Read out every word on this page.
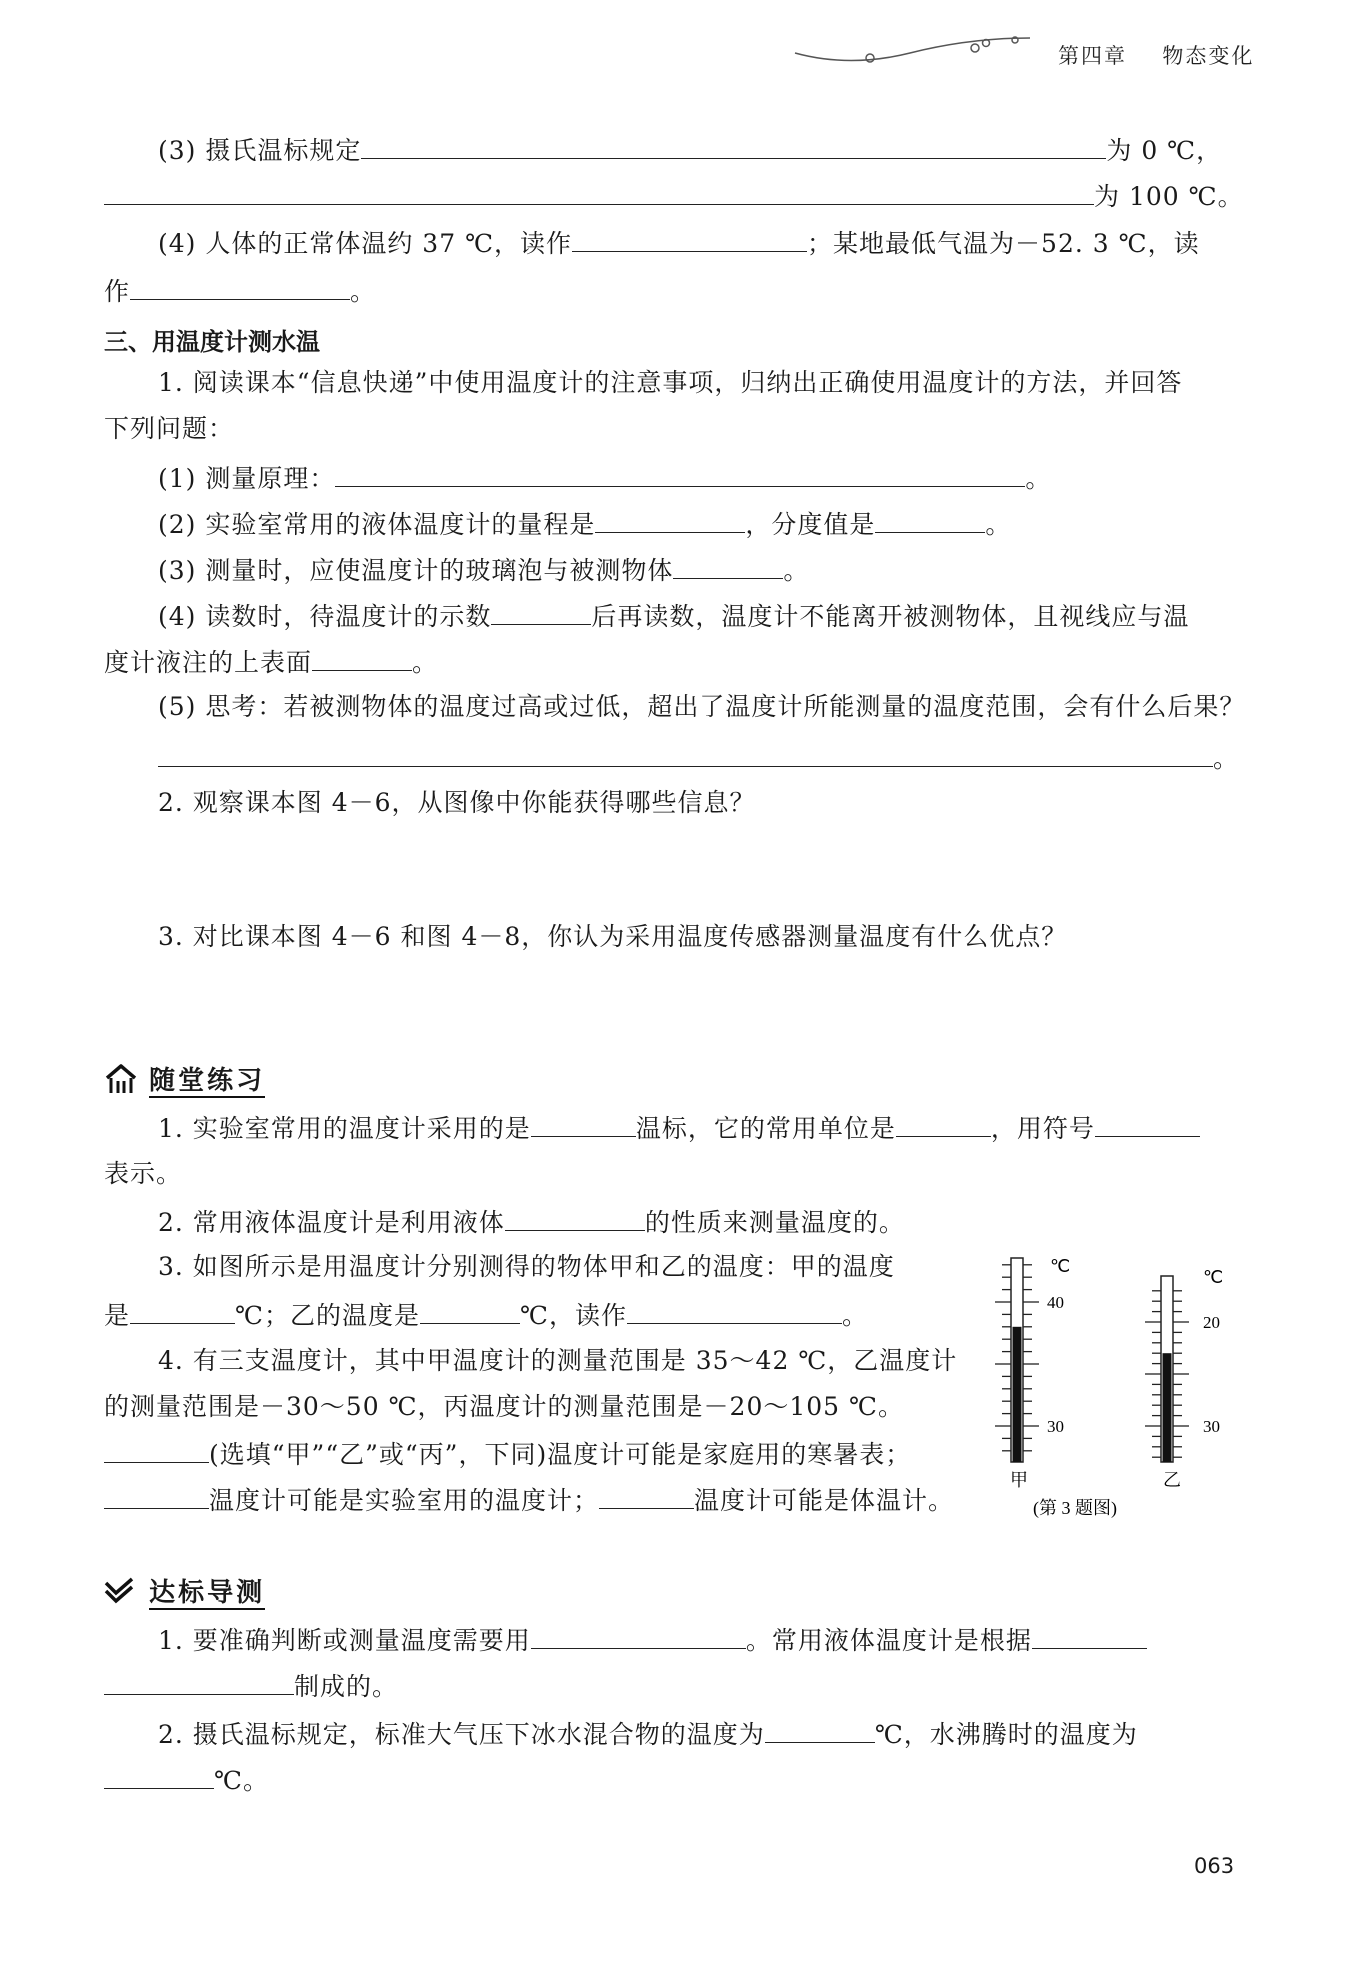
第四章 物态变化
(3) 摄氏温标规定	为 0 ℃，
为 100 ℃。
(4) 人体的正常体温约 37 ℃，读作	；某地最低气温为－52. 3 ℃，读
作	。
三、用温度计测水温
1. 阅读课本“信息快递”中使用温度计的注意事项，归纳出正确使用温度计的方法，并回答
下列问题：
(1) 测量原理：	。
(2) 实验室常用的液体温度计的量程是	，分度值是	。
(3) 测量时，应使温度计的玻璃泡与被测物体	。
(4) 读数时，待温度计的示数	后再读数，温度计不能离开被测物体，且视线应与温
度计液注的上表面	。
(5) 思考：若被测物体的温度过高或过低，超出了温度计所能测量的温度范围，会有什么后果？
。
2. 观察课本图 4－6，从图像中你能获得哪些信息？
3. 对比课本图 4－6 和图 4－8，你认为采用温度传感器测量温度有什么优点？
随堂练习
1. 实验室常用的温度计采用的是	温标，它的常用单位是	，用符号
表示。
2. 常用液体温度计是利用液体	的性质来测量温度的。
3. 如图所示是用温度计分别测得的物体甲和乙的温度：甲的温度
是	℃；乙的温度是	℃，读作	。
4. 有三支温度计，其中甲温度计的测量范围是 35～42 ℃，乙温度计
的测量范围是－30～50 ℃，丙温度计的测量范围是－20～105 ℃。
(选填“甲”“乙”或“丙”，下同)温度计可能是家庭用的寒暑表；
温度计可能是实验室用的温度计；	温度计可能是体温计。
℃
℃
40
30
20
30
甲	乙
(第 3 题图)
达标导测
1. 要准确判断或测量温度需要用	。常用液体温度计是根据
制成的。
2. 摄氏温标规定，标准大气压下冰水混合物的温度为	℃，水沸腾时的温度为
℃。
063
